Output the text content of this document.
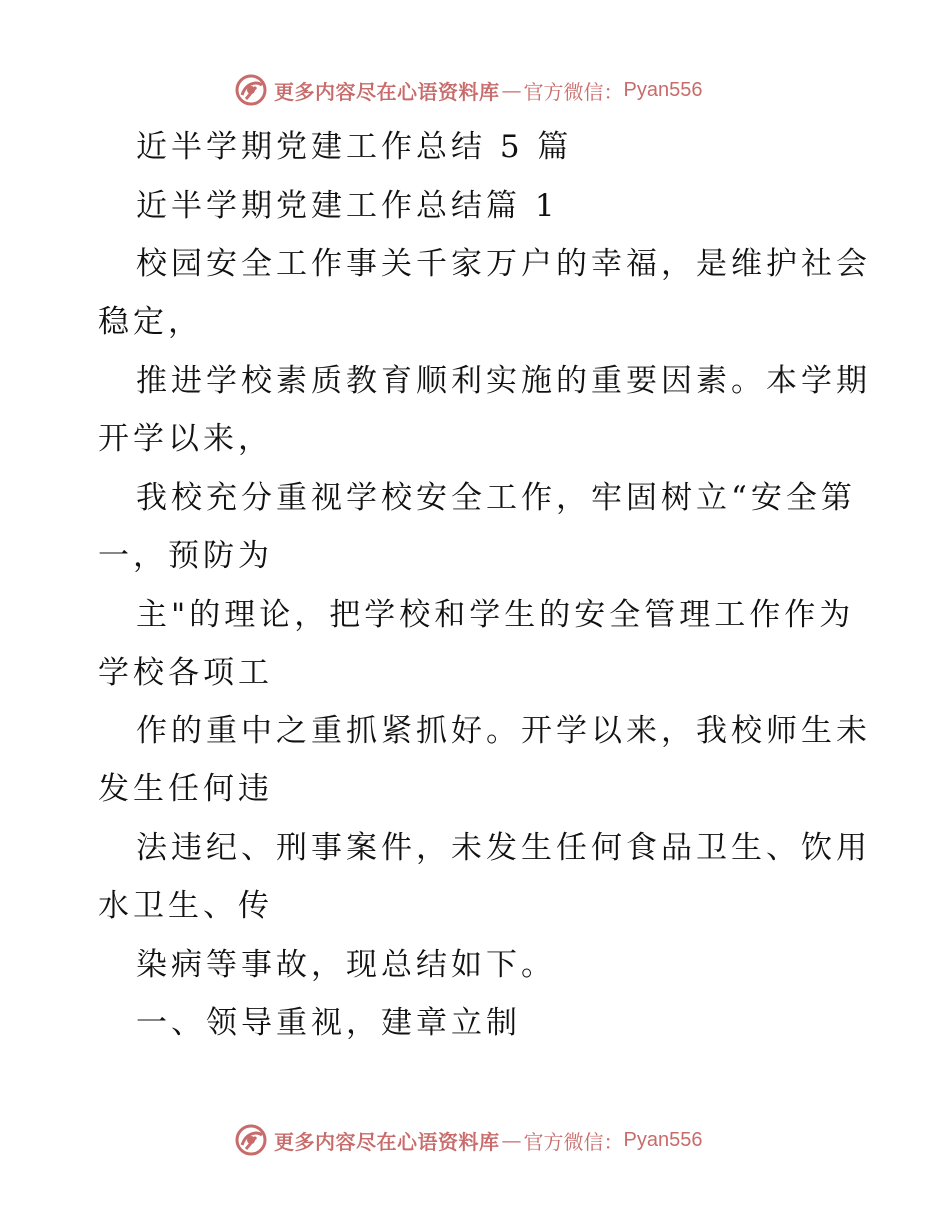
更多内容尽在心语资料库 — 官方微信： Pyan556
近半学期党建工作总结 5 篇
近半学期党建工作总结篇 1
校园安全工作事关千家万户的幸福，是维护社会
稳定，
推进学校素质教育顺利实施的重要因素。本学期
开学以来，
我校充分重视学校安全工作，牢固树立“安全第
一，预防为
主"的理论，把学校和学生的安全管理工作作为
学校各项工
作的重中之重抓紧抓好。开学以来，我校师生未
发生任何违
法违纪、刑事案件，未发生任何食品卫生、饮用
水卫生、传
染病等事故，现总结如下。
一、领导重视，建章立制
更多内容尽在心语资料库 — 官方微信： Pyan556
